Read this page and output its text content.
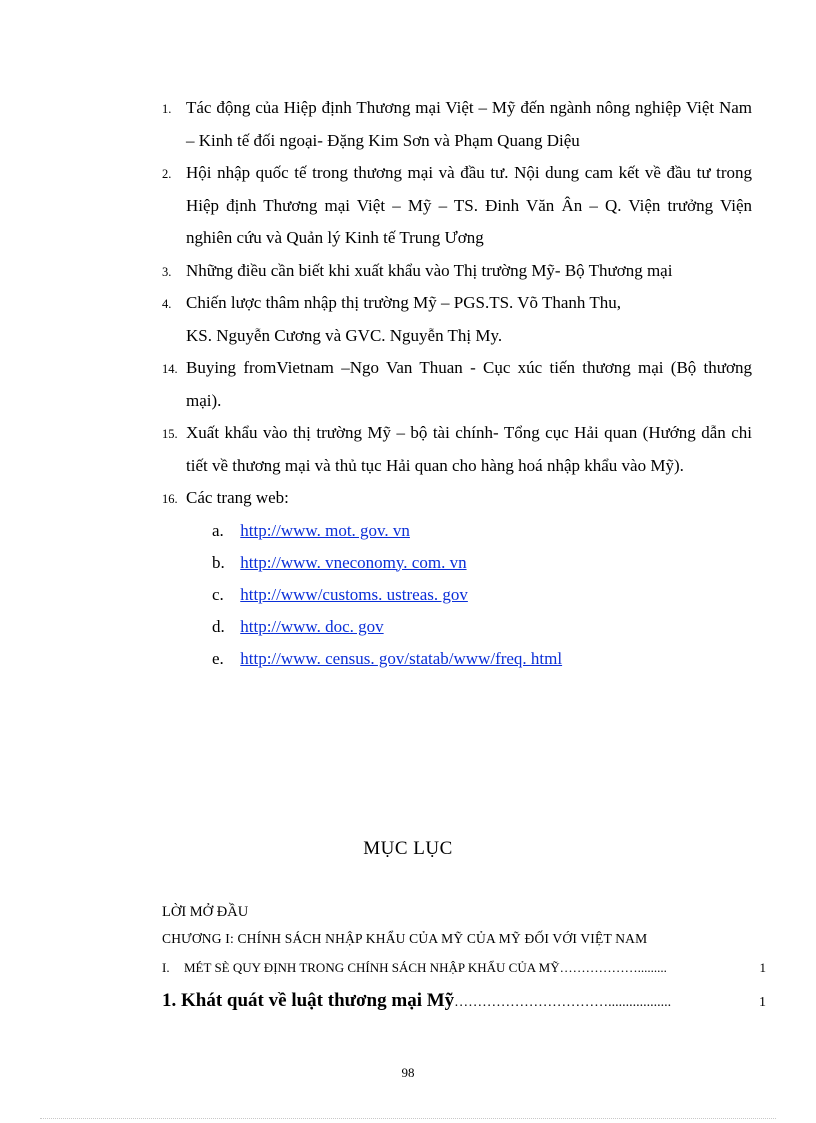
1. Tác động của Hiệp định Thương mại Việt – Mỹ đến ngành nông nghiệp Việt Nam – Kinh tế đối ngoại- Đặng Kim Sơn và Phạm Quang Diệu
2. Hội nhập quốc tế trong thương mại và đầu tư. Nội dung cam kết về đầu tư trong Hiệp định Thương mại Việt – Mỹ – TS. Đinh Văn Ân – Q. Viện trưởng Viện nghiên cứu và Quản lý Kinh tế Trung Ương
3. Những điều cần biết khi xuất khẩu vào Thị trường Mỹ- Bộ Thương mại
4. Chiến lược thâm nhập thị trường Mỹ – PGS.TS. Võ Thanh Thu,
KS. Nguyễn Cương và GVC. Nguyễn Thị My.
14. Buying fromVietnam –Ngo Van Thuan - Cục xúc tiến thương mại (Bộ thương mại).
15. Xuất khẩu vào thị trường Mỹ – bộ tài chính- Tổng cục Hải quan (Hướng dẫn chi tiết về thương mại và thủ tục Hải quan cho hàng hoá nhập khẩu vào Mỹ).
16. Các trang web:
a. http://www. mot. gov. vn
b. http://www. vneconomy. com. vn
c. http://www/customs. ustreas. gov
d. http://www. doc. gov
e. http://www. census. gov/statab/www/freq. html
MỤC LỤC
LỜI MỞ ĐẦU
CHƯƠNG I: CHÍNH SÁCH NHẬP KHẨU CỦA MỸ CỦA MỸ ĐỐI VỚI VIỆT NAM
I. MÉT SÈ QUY ĐỊNH TRONG CHÍNH SÁCH NHẬP KHẨU CỦA MỸ ……………….........	1
1. Khát quát về luật thương mại Mỹ ……………………………..................	1
98
